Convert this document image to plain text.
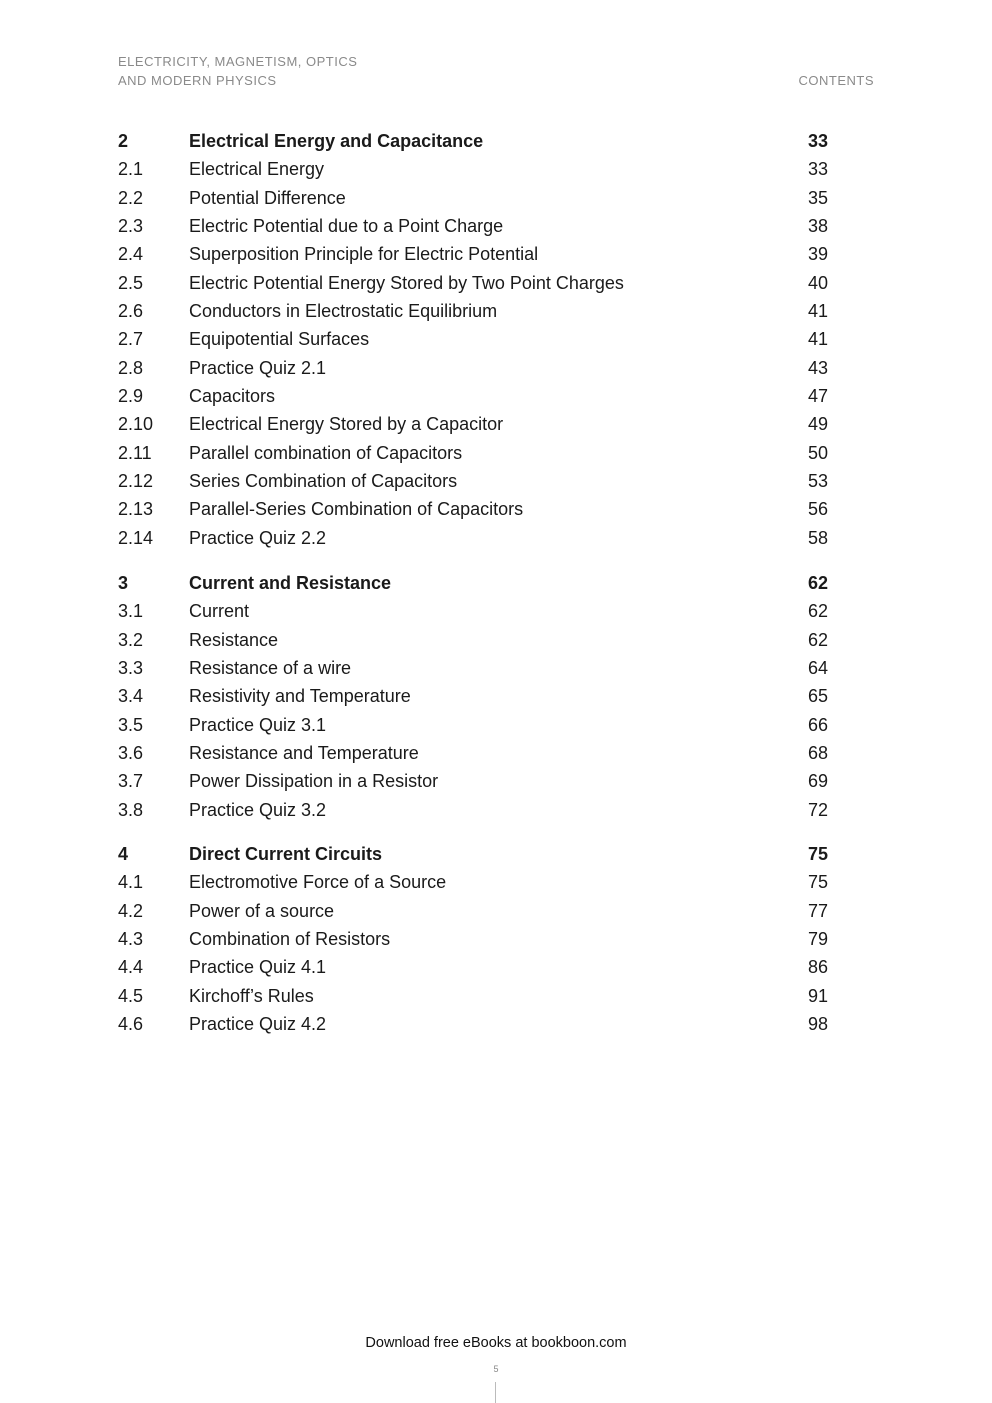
ELECTRICITY, MAGNETISM, OPTICS
AND MODERN PHYSICS	CONTENTS
2	Electrical Energy and Capacitance	33
2.1	Electrical Energy	33
2.2	Potential Difference	35
2.3	Electric Potential due to a Point Charge	38
2.4	Superposition Principle for Electric Potential	39
2.5	Electric Potential Energy Stored by Two Point Charges	40
2.6	Conductors in Electrostatic Equilibrium	41
2.7	Equipotential Surfaces	41
2.8	Practice Quiz 2.1	43
2.9	Capacitors	47
2.10 Electrical Energy Stored by a Capacitor	49
2.11 Parallel combination of Capacitors	50
2.12 Series Combination of Capacitors	53
2.13 Parallel-Series Combination of Capacitors	56
2.14 Practice Quiz 2.2	58
3	Current and Resistance	62
3.1	Current	62
3.2	Resistance	62
3.3	Resistance of a wire	64
3.4	Resistivity and Temperature	65
3.5	Practice Quiz 3.1	66
3.6	Resistance and Temperature	68
3.7	Power Dissipation in a Resistor	69
3.8	Practice Quiz 3.2	72
4	Direct Current Circuits	75
4.1	Electromotive Force of a Source	75
4.2	Power of a source	77
4.3	Combination of Resistors	79
4.4	Practice Quiz 4.1	86
4.5	Kirchoff’s Rules	91
4.6	Practice Quiz 4.2	98
Download free eBooks at bookboon.com
5
